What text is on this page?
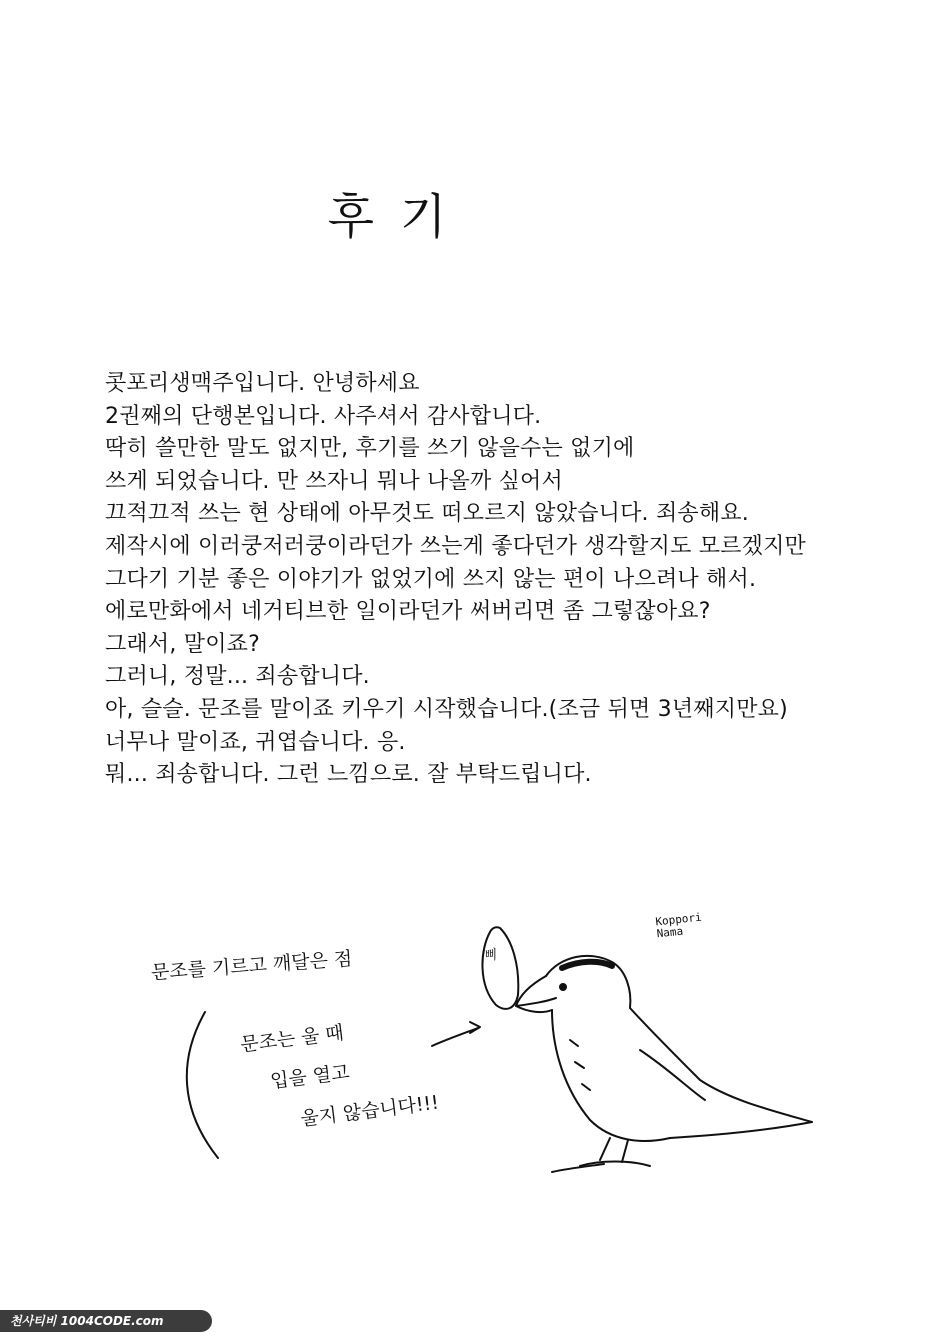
후기
콧포리생맥주입니다. 안녕하세요
2권째의 단행본입니다. 사주셔서 감사합니다.
딱히 쓸만한 말도 없지만, 후기를 쓰기 않을수는 없기에
쓰게 되었습니다. 만 쓰자니 뭐나 나올까 싶어서
끄적끄적 쓰는 현 상태에 아무것도 떠오르지 않았습니다. 죄송해요.
제작시에 이러쿵저러쿵이라던가 쓰는게 좋다던가 생각할지도 모르겠지만
그다기 기분 좋은 이야기가 없었기에 쓰지 않는 편이 나으려나 해서.
에로만화에서 네거티브한 일이라던가 써버리면 좀 그렇잖아요?
그래서, 말이죠?
그러니, 정말... 죄송합니다.
아, 슬슬. 문조를 말이죠 키우기 시작했습니다.(조금 뒤면 3년째지만요)
너무나 말이죠, 귀엽습니다. 응.
뭐... 죄송합니다. 그런 느낌으로. 잘 부탁드립니다.
문조를 기르고 깨달은 점
문조는 울 때
입을 열고
울지 않습니다!!!
삐
Koppori
Nama
천사티비 1004CODE.com
